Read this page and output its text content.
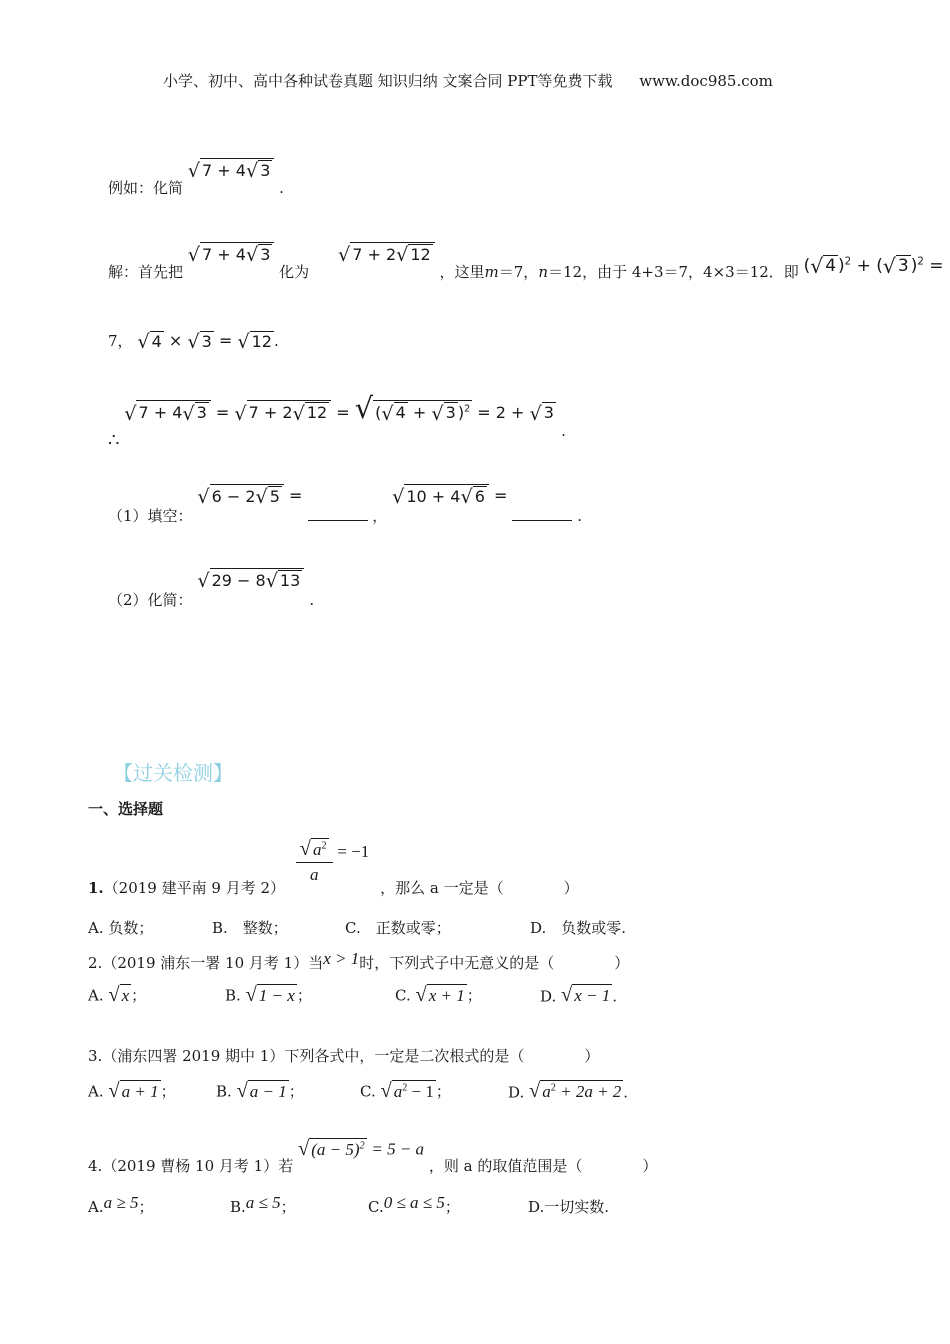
小学、初中、高中各种试卷真题 知识归纳 文案合同 PPT等免费下载 www.doc985.com
例如：化简
√ 7 + 4 √ 3
.
解：首先把
√ 7 + 4 √ 3
化为
√ 7 + 2 √ 12
，这里m＝7，n＝12，由于 4+3＝7，4×3＝12．即 ( √ 4 )$^2$ + ( √ 3 )$^2$ =
7， √ 4 × √ 3 = √ 12 .
∴
√ 7 + 4 √ 3 = √ 7 + 2 √ 12 = √ ( √ 4 + √ 3 )$^2$ = 2 + √ 3
.
（1）填空：
√ 6 − 2 √ 5 =  ，
√ 10 + 4 √ 6 =  .
（2）化简：
√ 29 − 8 √ 13
.
【过关检测】
一、选择题
1.（2019 建平南 9 月考 2）
$\frac{√ a^2}{a} = -1$ ，那么 a 一定是（　　　　）
A. 负数；	B.　整数；	C.　正数或零；	D.　负数或零.
2.（2019 浦东一署 10 月考 1）当x > 1时，下列式子中无意义的是（　　　　）
A. √ x ；	B. √ 1 − x ；	C. √ x + 1 ；	D. √ x − 1 .
3.（浦东四署 2019 期中 1）下列各式中，一定是二次根式的是（　　　　）
A. √ a + 1 ；	B. √ a − 1 ；	C. √ $a^2 - 1$ ；	D. √ $a^2 + 2a + 2$ .
4.（2019 曹杨 10 月考 1）若
√ $(a - 5)^2 = 5 - a$ ，则 a 的取值范围是（　　　　）
A.a ≥ 5；	B.a ≤ 5；	C.0 ≤ a ≤ 5；	D.一切实数.
